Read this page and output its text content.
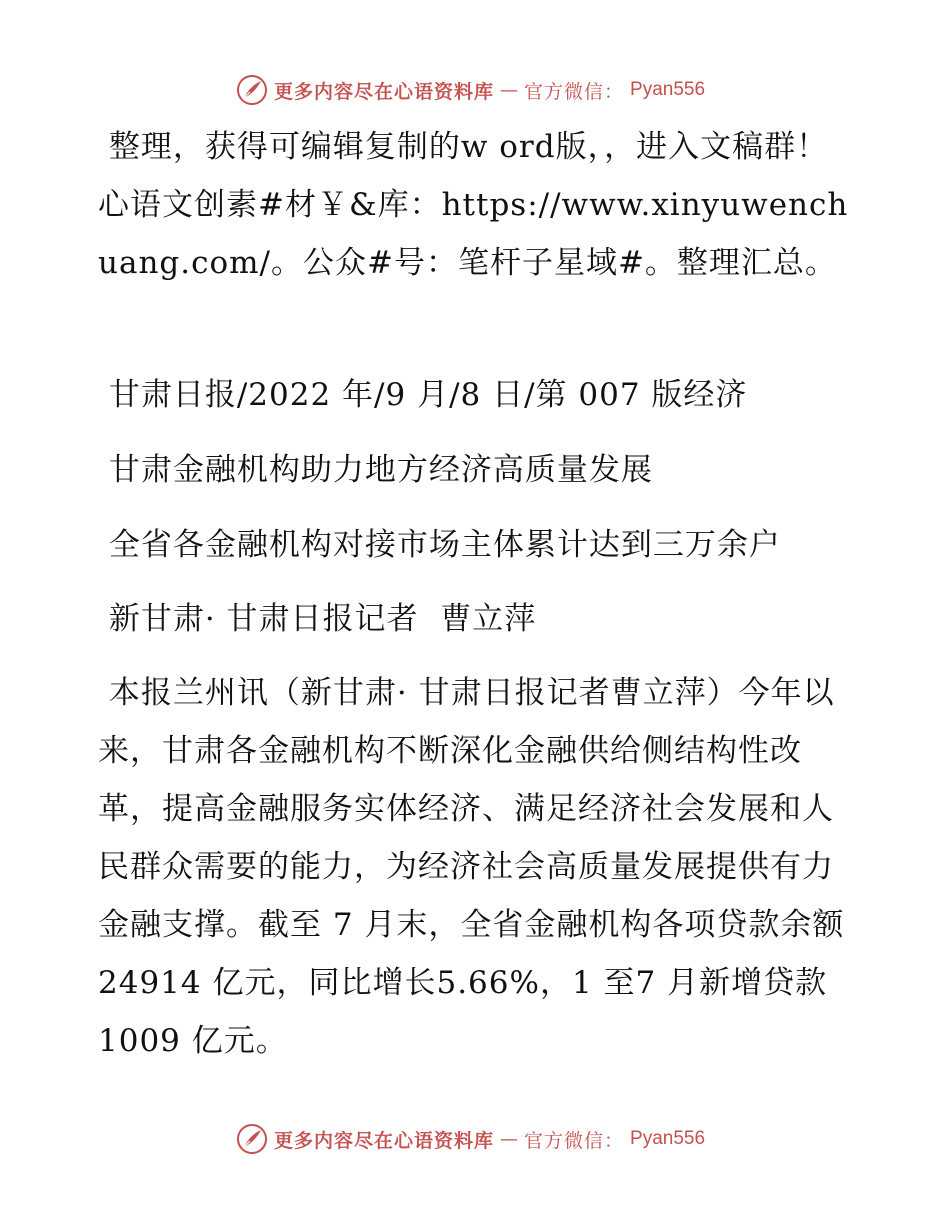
更多内容尽在心语资料库 — 官方微信： Pyan556
整理，获得可编辑复制的w ord版，，进入文稿群！心语文创素#材￥&库：https://www.xinyuwenchuang.com/。公众#号：笔杆子星域#。整理汇总。
甘肃日报/2022 年/9 月/8 日/第 007 版经济
甘肃金融机构助力地方经济高质量发展
全省各金融机构对接市场主体累计达到三万余户
新甘肃· 甘肃日报记者  曹立萍
本报兰州讯（新甘肃· 甘肃日报记者曹立萍）今年以来，甘肃各金融机构不断深化金融供给侧结构性改革，提高金融服务实体经济、满足经济社会发展和人民群众需要的能力，为经济社会高质量发展提供有力金融支撑。截至 7 月末，全省金融机构各项贷款余额 24914 亿元，同比增长5.66%，1 至7 月新增贷款 1009 亿元。
更多内容尽在心语资料库 — 官方微信： Pyan556
